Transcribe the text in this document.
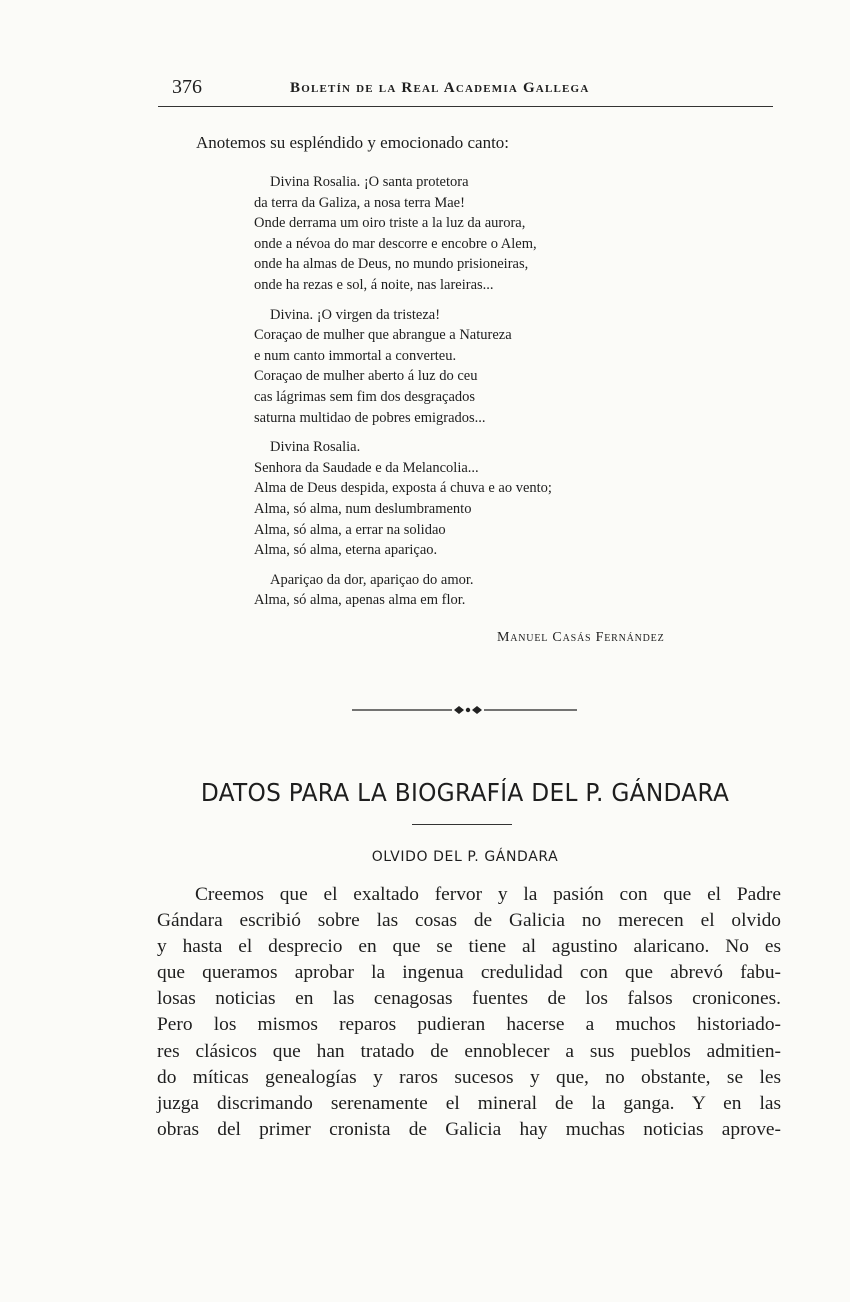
376	Boletín de la Real Academia Gallega
Anotemos su espléndido y emocionado canto:
Divina Rosalia. ¡O santa protetora
da terra da Galiza, a nosa terra Mae!
Onde derrama um oiro triste a la luz da aurora,
onde a névoa do mar descorre e encobre o Alem,
onde ha almas de Deus, no mundo prisioneiras,
onde ha rezas e sol, á noite, nas lareiras...
Divina. ¡O virgen da tristeza!
Coraçao de mulher que abrangue a Natureza
e num canto immortal a converteu.
Coraçao de mulher aberto á luz do ceu
cas lágrimas sem fim dos desgraçados
saturna multidao de pobres emigrados...
Divina Rosalia.
Senhora da Saudade e da Melancolia...
Alma de Deus despida, exposta á chuva e ao vento;
Alma, só alma, num deslumbramento
Alma, só alma, a errar na solidao
Alma, só alma, eterna apariçao.
Apariçao da dor, apariçao do amor.
Alma, só alma, apenas alma em flor.
Manuel Casás Fernández
DATOS PARA LA BIOGRAFÍA DEL P. GÁNDARA
OLVIDO DEL P. GÁNDARA
Creemos que el exaltado fervor y la pasión con que el Padre
Gándara escribió sobre las cosas de Galicia no merecen el olvido
y hasta el desprecio en que se tiene al agustino alaricano. No es
que queramos aprobar la ingenua credulidad con que abrevó fabu-
losas noticias en las cenagosas fuentes de los falsos cronicones.
Pero los mismos reparos pudieran hacerse a muchos historiado-
res clásicos que han tratado de ennoblecer a sus pueblos admitien-
do míticas genealogías y raros sucesos y que, no obstante, se les
juzga discrimando serenamente el mineral de la ganga. Y en las
obras del primer cronista de Galicia hay muchas noticias aprove-
